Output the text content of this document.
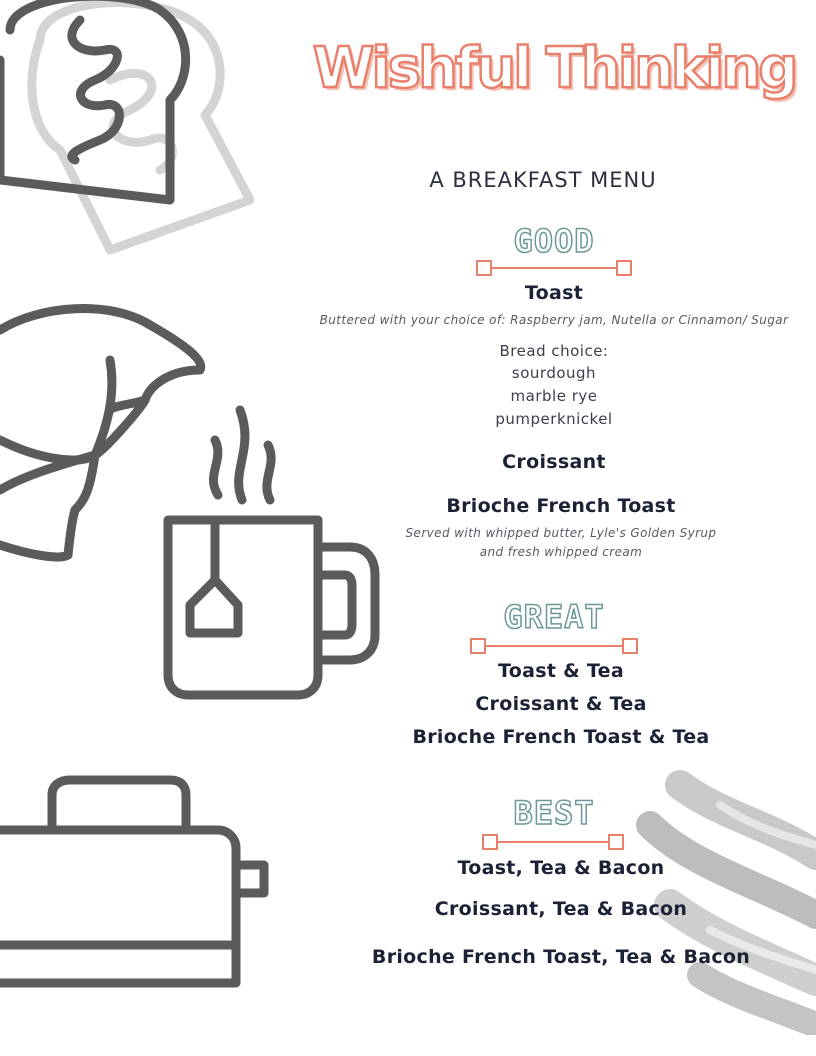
Wishful Thinking
A BREAKFAST MENU
GOOD
Toast
Buttered with your choice of: Raspberry jam, Nutella or Cinnamon/ Sugar
Bread choice:
sourdough
marble rye
pumperknickel
Croissant
Brioche French Toast
Served with whipped butter, Lyle's Golden Syrup
and fresh whipped cream
GREAT
Toast & Tea
Croissant & Tea
Brioche French Toast & Tea
BEST
Toast, Tea & Bacon
Croissant, Tea & Bacon
Brioche French Toast, Tea & Bacon
